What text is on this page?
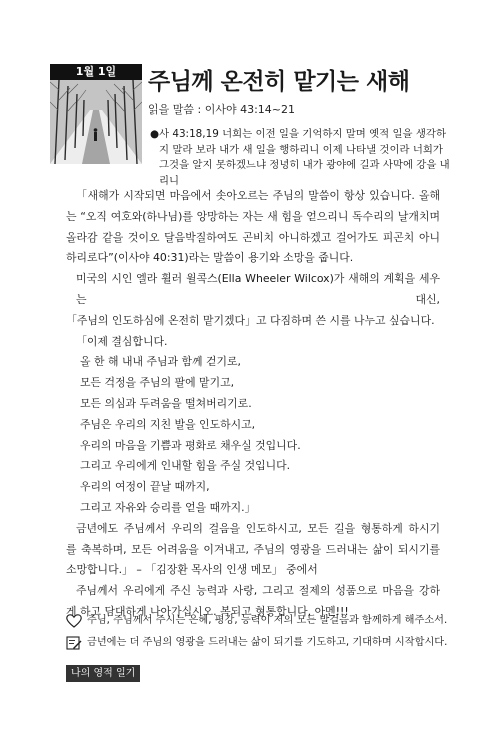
1월 1일	주님께 온전히 맡기는 새해
읽을 말씀 : 이사야 43:14~21
● 사 43:18,19 너희는 이전 일을 기억하지 말며 옛적 일을 생각하지 말라 보라 내가 새 일을 행하리니 이제 나타낼 것이라 너희가 그것을 알지 못하겠느냐 정녕히 내가 광야에 길과 사막에 강을 내리니
「새해가 시작되면 마음에서 솟아오르는 주님의 말씀이 항상 있습니다. 올해
는 “오직 여호와(하나님)를 앙망하는 자는 새 힘을 얻으리니 독수리의 날개치며
올라감 같을 것이오 달음박질하여도 곤비치 아니하겠고 걸어가도 피곤치 아니
하리로다”(이사야 40:31)라는 말씀이 용기와 소망을 줍니다.
미국의 시인 엘라 휠러 윌콕스(Ella Wheeler Wilcox)가 새해의 계획을 세우는 대신,
「주님의 인도하심에 온전히 맡기겠다」고 다짐하며 쓴 시를 나누고 싶습니다.
「이제 결심합니다.
올 한 해 내내 주님과 함께 걷기로,
모든 걱정을 주님의 팔에 맡기고,
모든 의심과 두려움을 떨쳐버리기로.
주님은 우리의 지친 발을 인도하시고,
우리의 마음을 기쁨과 평화로 채우실 것입니다.
그리고 우리에게 인내할 힘을 주실 것입니다.
우리의 여정이 끝날 때까지,
그리고 자유와 승리를 얻을 때까지.」
금년에도 주님께서 우리의 걸음을 인도하시고, 모든 길을 형통하게 하시기
를 축복하며, 모든 어려움을 이겨내고, 주님의 영광을 드러내는 삶이 되시기를
소망합니다.」 – 「김장환 목사의 인생 메모」 중에서
주님께서 우리에게 주신 능력과 사랑, 그리고 절제의 성품으로 마음을 강하
게 하고 담대하게 나아가십시오. 복되고 형통합니다. 아멘!!!
주님, 주님께서 주시는 은혜, 평강, 능력이 저의 모든 발걸음과 함께하게 해주소서.
금년에는 더 주님의 영광을 드러내는 삶이 되기를 기도하고, 기대하며 시작합시다.
나의 영적 일기
